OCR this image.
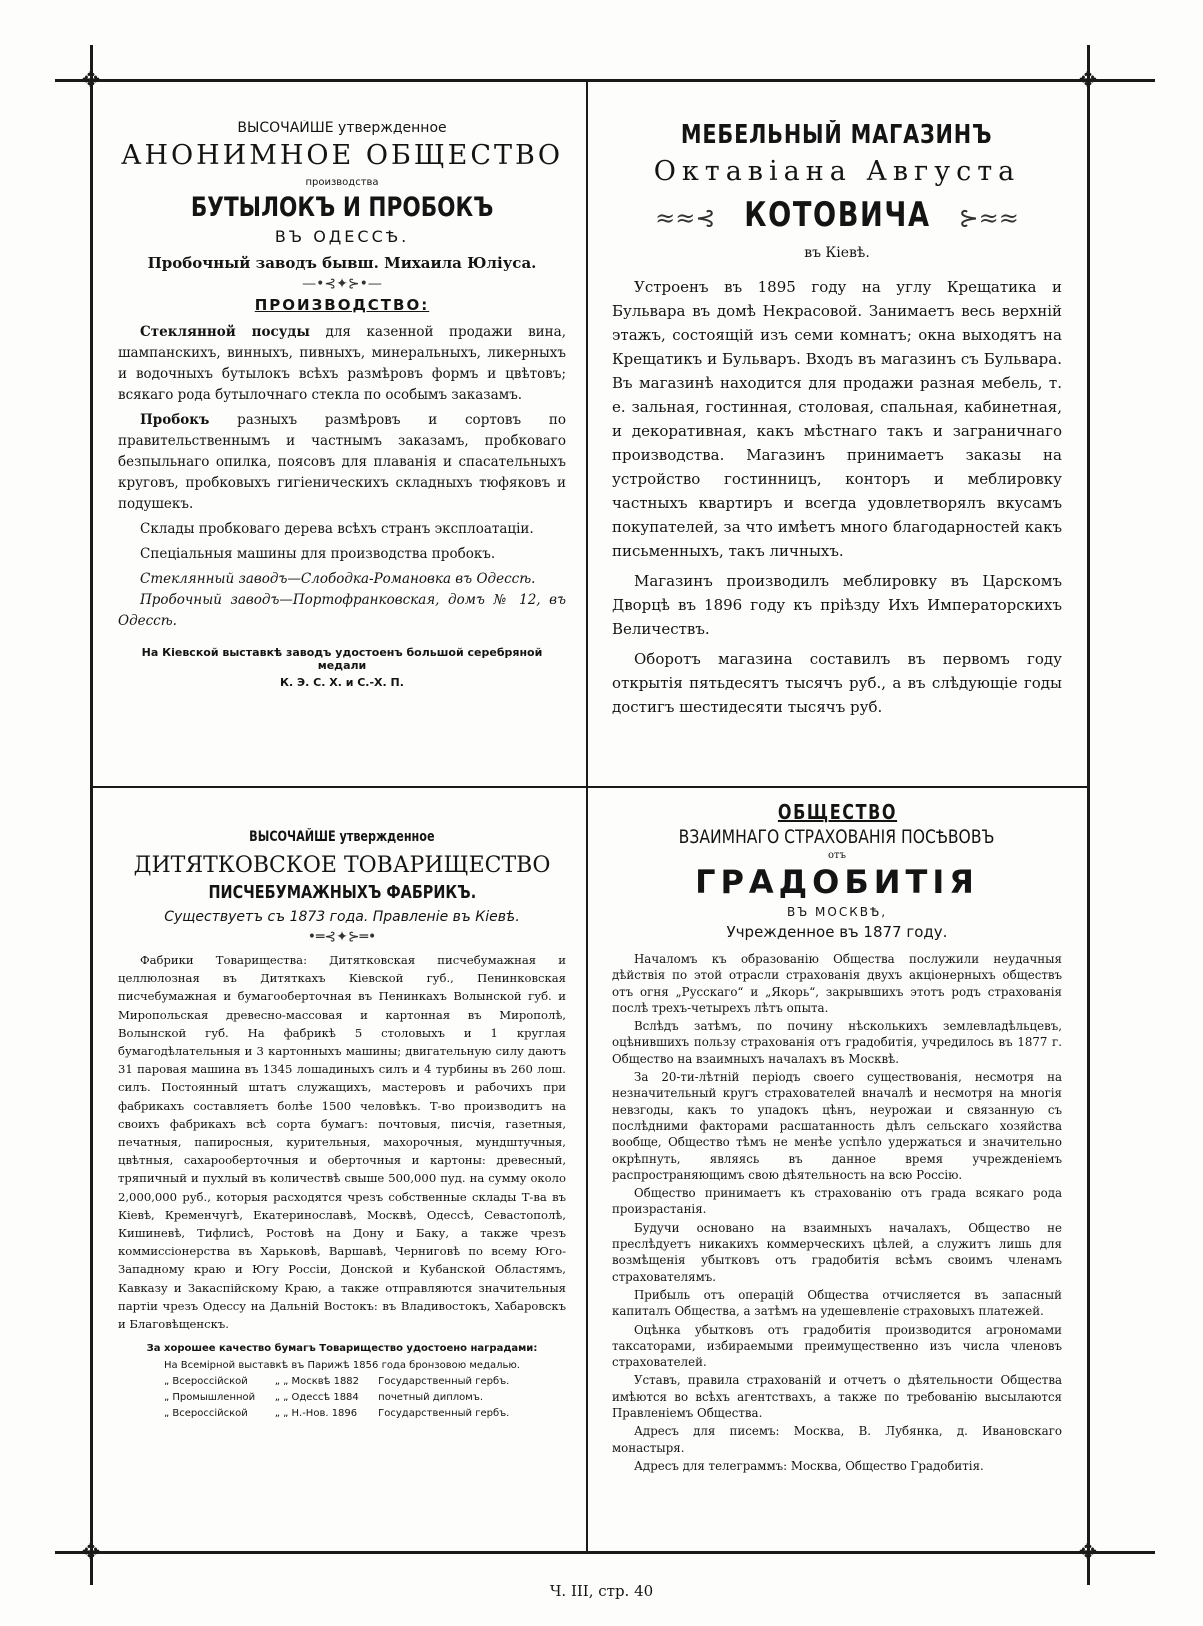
✥	✥
✥	✥
ВЫСОЧАЙШЕ утвержденное
АНОНИМНОЕ ОБЩЕСТВО
производства
БУТЫЛОКЪ И ПРОБОКЪ
ВЪ ОДЕССѢ.
Пробочный заводъ бывш. Михаила Юліуса.
—•⊰✦⊱•—
ПРОИЗВОДСТВО:

Стеклянной посуды для казенной продажи вина, шампанскихъ, винныхъ, пивныхъ, минеральныхъ, ликерныхъ и водочныхъ бутылокъ всѣхъ размѣровъ формъ и цвѣтовъ; всякаго рода бутылочнаго стекла по особымъ заказамъ.

Пробокъ разныхъ размѣровъ и сортовъ по правительственнымъ и частнымъ заказамъ, пробковаго безпыльнаго опилка, поясовъ для плаванія и спасательныхъ круговъ, пробковыхъ гигіеническихъ складныхъ тюфяковъ и подушекъ.

Склады пробковаго дерева всѣхъ странъ эксплоатаціи.

Спеціальныя машины для производства пробокъ.

Стеклянный заводъ—Слободка-Романовка въ Одессѣ.

Пробочный заводъ—Портофранковская, домъ № 12, въ Одессѣ.

На Кіевской выставкѣ заводъ удостоенъ большой серебряной медали
К. Э. С. Х. и С.-Х. П.
МЕБЕЛЬНЫЙ МАГАЗИНЪ
Октавіана Августа
≈≈⊰ КОТОВИЧА ⊱≈≈
въ Кіевѣ.

Устроенъ въ 1895 году на углу Крещатика и Бульвара въ домѣ Некрасовой. Занимаетъ весь верхній этажъ, состоящій изъ семи комнатъ; окна выходятъ на Крещатикъ и Бульваръ. Входъ въ магазинъ съ Бульвара. Въ магазинѣ находится для продажи разная мебель, т. е. зальная, гостинная, столовая, спальная, кабинетная, и декоративная, какъ мѣстнаго такъ и заграничнаго производства. Магазинъ принимаетъ заказы на устройство гостинницъ, конторъ и меблировку частныхъ квартиръ и всегда удовлетворялъ вкусамъ покупателей, за что имѣетъ много благодарностей какъ письменныхъ, такъ личныхъ.

Магазинъ производилъ меблировку въ Царскомъ Дворцѣ въ 1896 году къ пріѣзду Ихъ Императорскихъ Величествъ.

Оборотъ магазина составилъ въ первомъ году открытія пятьдесятъ тысячъ руб., а въ слѣдующіе годы достигъ шестидесяти тысячъ руб.

ВЫСОЧАЙШЕ утвержденное
ДИТЯТКОВСКОЕ ТОВАРИЩЕСТВО
ПИСЧЕБУМАЖНЫХЪ ФАБРИКЪ.
Существуетъ съ 1873 года. Правленіе въ Кіевѣ.
•═⊰✦⊱═•
Фабрики Товарищества: Дитятковская писчебумажная и целлюлозная въ Дитяткахъ Кіевской губ., Пенинковская писчебумажная и бумагооберточная въ Пенинкахъ Волынской губ. и Миропольская древесно-массовая и картонная въ Мирополѣ, Волынской губ. На фабрикѣ 5 столовыхъ и 1 круглая бумагодѣлательныя и 3 картонныхъ машины; двигательную силу даютъ 31 паровая машина въ 1345 лошадиныхъ силъ и 4 турбины въ 260 лош. силъ. Постоянный штатъ служащихъ, мастеровъ и рабочихъ при фабрикахъ составляетъ болѣе 1500 человѣкъ. Т-во производитъ на своихъ фабрикахъ всѣ сорта бумагъ: почтовыя, писчія, газетныя, печатныя, папиросныя, курительныя, махорочныя, мундштучныя, цвѣтныя, сахарооберточныя и оберточныя и картоны: древесный, тряпичный и пухлый въ количествѣ свыше 500,000 пуд. на сумму около 2,000,000 руб., которыя расходятся чрезъ собственные склады Т-ва въ Кіевѣ, Кременчугѣ, Екатеринославѣ, Москвѣ, Одессѣ, Севастополѣ, Кишиневѣ, Тифлисѣ, Ростовѣ на Дону и Баку, а также чрезъ коммиссіонерства въ Харьковѣ, Варшавѣ, Черниговѣ по всему Юго-Западному краю и Югу Россіи, Донской и Кубанской Областямъ, Кавказу и Закаспійскому Краю, а также отправляются значительныя партіи чрезъ Одессу на Дальній Востокъ: въ Владивостокъ, Хабаровскъ и Благовѣщенскъ.
За хорошее качество бумагъ Товарищество удостоено наградами:
На Всемірной выставкѣ въ Парижѣ 1856 года бронзовою медалью.		
„ Всероссійской	„ „ Москвѣ 1882	Государственный гербъ.
„ Промышленной	„ „ Одессѣ 1884	почетный дипломъ.
„ Всероссійской	„ „ Н.-Нов. 1896	Государственный гербъ.
ОБЩЕСТВО
ВЗАИМНАГО СТРАХОВАНІЯ ПОСѢВОВЪ
отъ
ГРАДОБИТІЯ
ВЪ МОСКВѢ,
Учрежденное въ 1877 году.

Началомъ къ образованію Общества послужили неудачныя дѣйствія по этой отрасли страхованія двухъ акціонерныхъ обществъ отъ огня „Русскаго“ и „Якорь“, закрывшихъ этотъ родъ страхованія послѣ трехъ-четырехъ лѣтъ опыта.

Вслѣдъ затѣмъ, по почину нѣсколькихъ землевладѣльцевъ, оцѣнившихъ пользу страхованія отъ градобитія, учредилось въ 1877 г. Общество на взаимныхъ началахъ въ Москвѣ.

За 20-ти-лѣтній періодъ своего существованія, несмотря на незначительный кругъ страхователей вначалѣ и несмотря на многія невзгоды, какъ то упадокъ цѣнъ, неурожаи и связанную съ послѣдними факторами расшатанность дѣлъ сельскаго хозяйства вообще, Общество тѣмъ не менѣе успѣло удержаться и значительно окрѣпнуть, являясь въ данное время учрежденіемъ распространяющимъ свою дѣятельность на всю Россію.

Общество принимаетъ къ страхованію отъ града всякаго рода произрастанія.

Будучи основано на взаимныхъ началахъ, Общество не преслѣдуетъ никакихъ коммерческихъ цѣлей, а служитъ лишь для возмѣщенія убытковъ отъ градобитія всѣмъ своимъ членамъ страхователямъ.

Прибыль отъ операцій Общества отчисляется въ запасный капиталъ Общества, а затѣмъ на удешевленіе страховыхъ платежей.

Оцѣнка убытковъ отъ градобитія производится агрономами таксаторами, избираемыми преимущественно изъ числа членовъ страхователей.

Уставъ, правила страхованій и отчетъ о дѣятельности Общества имѣются во всѣхъ агентствахъ, а также по требованію высылаются Правленіемъ Общества.

Адресъ для писемъ: Москва, В. Лубянка, д. Ивановскаго монастыря.

Адресъ для телеграммъ: Москва, Общество Градобитія.

Ч. III, стр. 40
